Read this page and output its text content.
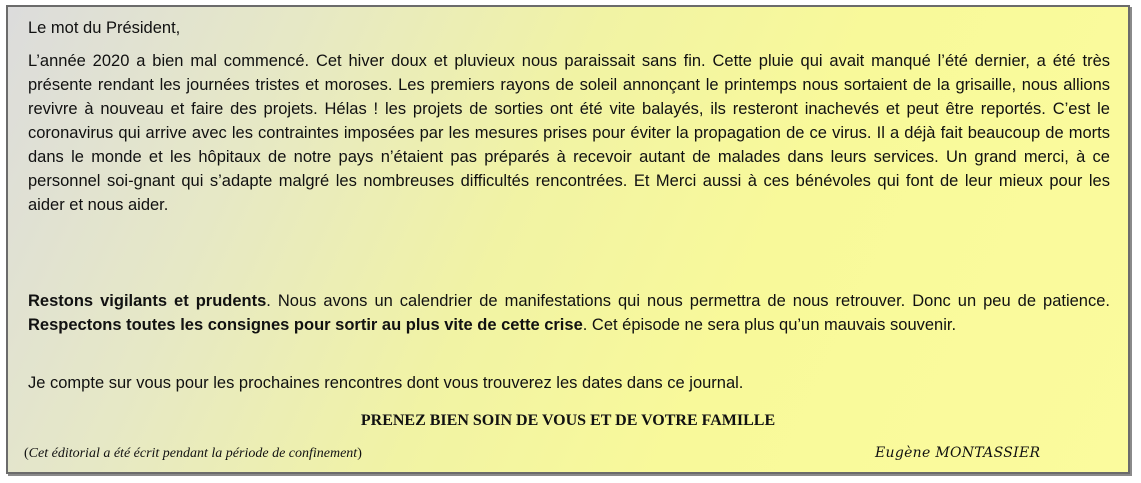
Le mot du Président,

L’année 2020 a bien mal commencé. Cet hiver doux et pluvieux nous paraissait sans fin. Cette pluie qui avait manqué l’été dernier, a été très présente rendant les journées tristes et moroses. Les premiers rayons de soleil annonçant le printemps nous sortaient de la grisaille, nous allions revivre à nouveau et faire des projets. Hélas ! les projets de sorties ont été vite balayés, ils resteront inachevés et peut être reportés. C’est le coronavirus qui arrive avec les contraintes imposées par les mesures prises pour éviter la propagation de ce virus. Il a déjà fait beaucoup de morts dans le monde et les hôpitaux de notre pays n’étaient pas préparés à recevoir autant de malades dans leurs services. Un grand merci, à ce personnel soi-gnant qui s’adapte malgré les nombreuses difficultés rencontrées. Et Merci aussi à ces bénévoles qui font de leur mieux pour les aider et nous aider.

Restons vigilants et prudents. Nous avons un calendrier de manifestations qui nous permettra de nous retrouver. Donc un peu de patience. Respectons toutes les consignes pour sortir au plus vite de cette crise. Cet épisode ne sera plus qu’un mauvais souvenir.

Je compte sur vous pour les prochaines rencontres dont vous trouverez les dates dans ce journal.

PRENEZ BIEN SOIN DE VOUS ET DE VOTRE FAMILLE

(Cet éditorial a été écrit pendant la période de confinement)	Eugène MONTASSIER
